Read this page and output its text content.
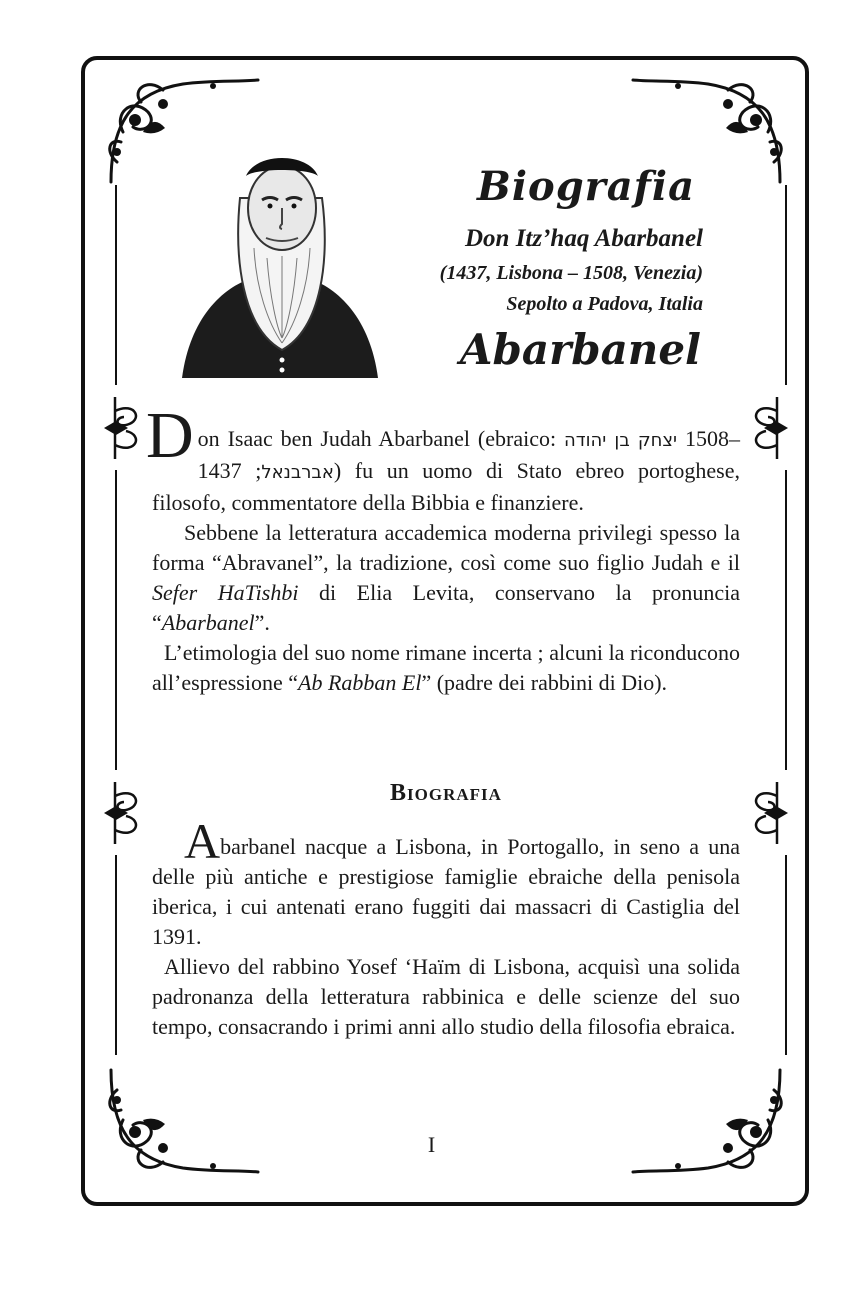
Biografia
Don Itz’haq Abarbanel
(1437, Lisbona – 1508, Venezia)
Sepolto a Padova, Italia
Abarbanel

Don Isaac ben Judah Abarbanel (ebraico: יצחק בן יהודה 1508–1437 ;אברבנאל) fu un uomo di Stato ebreo portoghese, filosofo, commentatore della Bibbia e finanziere.

Sebbene la letteratura accademica moderna privilegi spesso la forma “Abravanel”, la tradizione, così come suo figlio Judah e il Sefer HaTishbi di Elia Levita, conservano la pronuncia “Abarbanel”.

L’etimologia del suo nome rimane incerta ; alcuni la riconducono all’espressione “Ab Rabban El” (padre dei rabbini di Dio).

Biografia

Abarbanel nacque a Lisbona, in Portogallo, in seno a una delle più antiche e prestigiose famiglie ebraiche della penisola iberica, i cui antenati erano fuggiti dai massacri di Castiglia del 1391.

Allievo del rabbino Yosef ‘Haïm di Lisbona, acquisì una solida padronanza della letteratura rabbinica e delle scienze del suo tempo, consacrando i primi anni allo studio della filosofia ebraica.

I
